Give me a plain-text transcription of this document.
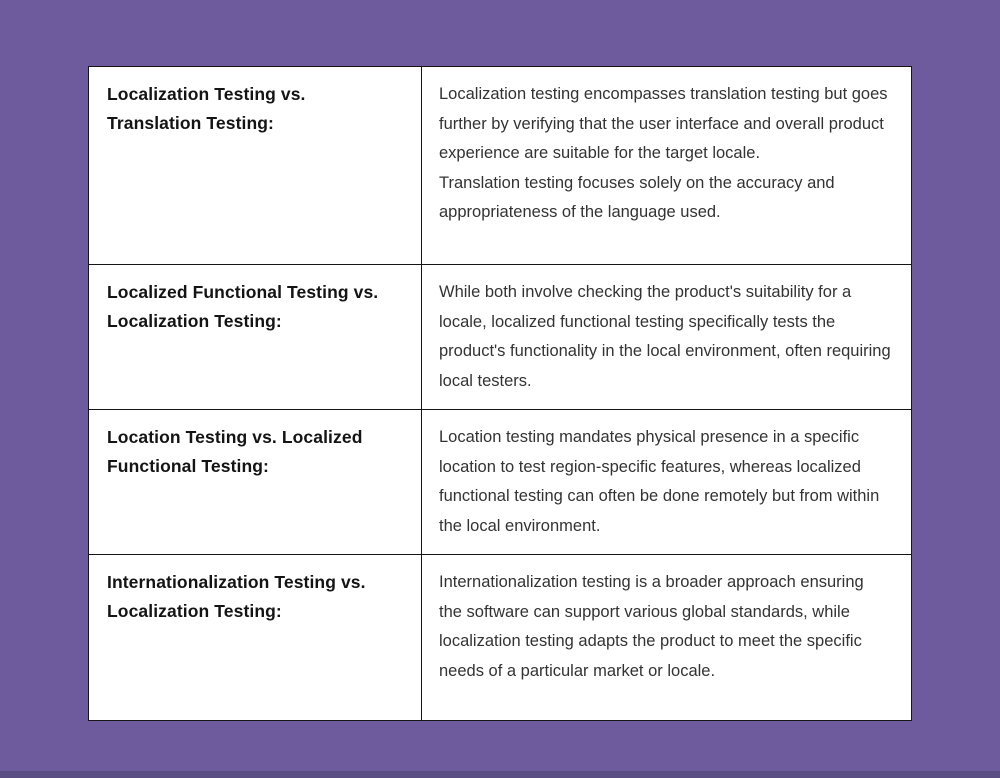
Localization Testing vs. Translation Testing:

Localization testing encompasses translation testing but goes further by verifying that the user interface and overall product experience are suitable for the target locale.

Translation testing focuses solely on the accuracy and appropriateness of the language used.

Localized Functional Testing vs. Localization Testing:

While both involve checking the product's suitability for a locale, localized functional testing specifically tests the product's functionality in the local environment, often requiring local testers.

Location Testing vs. Localized Functional Testing:

Location testing mandates physical presence in a specific location to test region-specific features, whereas localized functional testing can often be done remotely but from within the local environment.

Internationalization Testing vs. Localization Testing:

Internationalization testing is a broader approach ensuring the software can support various global standards, while localization testing adapts the product to meet the specific needs of a particular market or locale.
